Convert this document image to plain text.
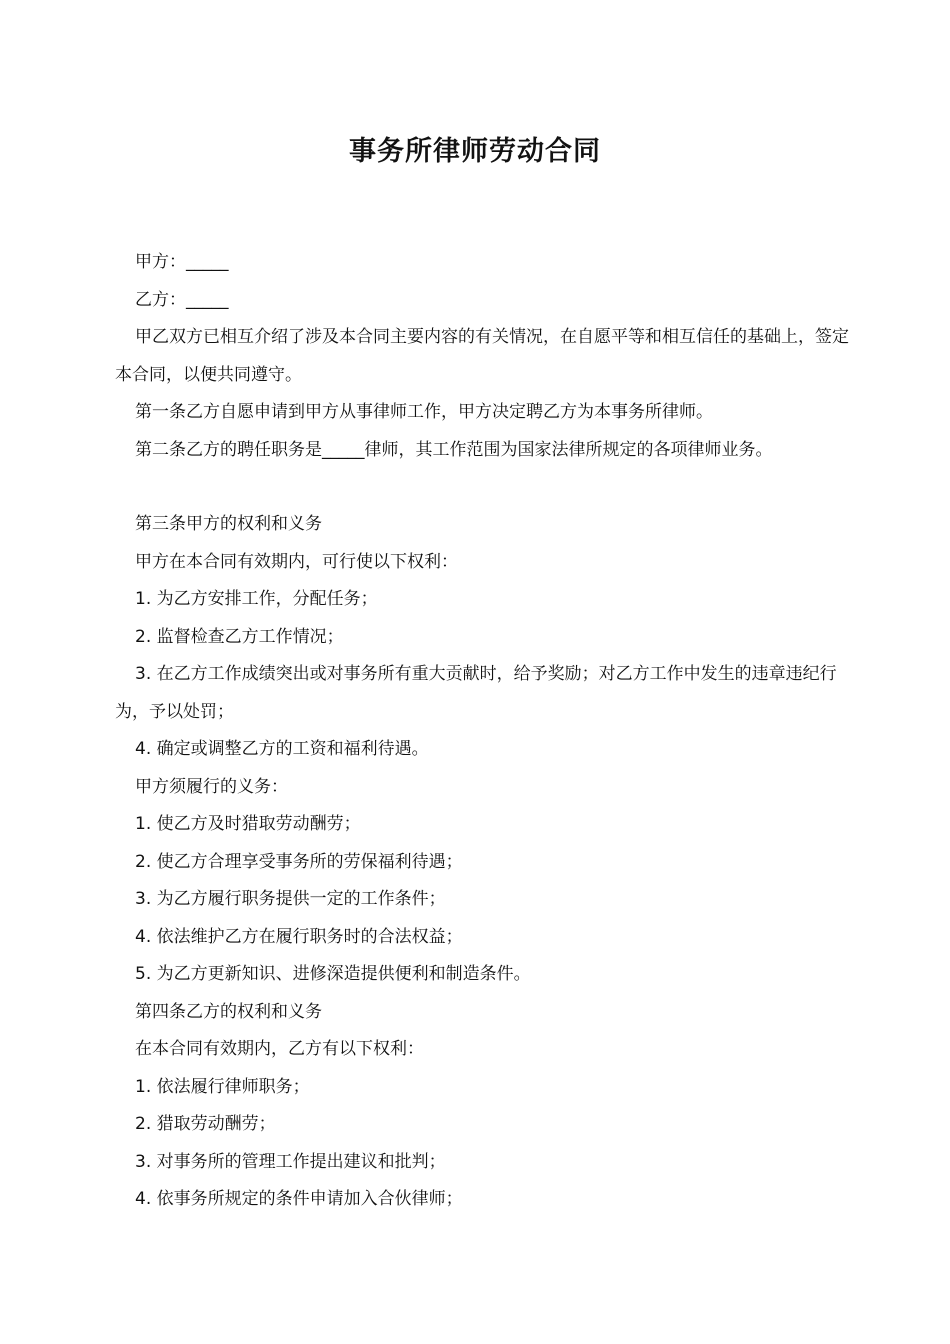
事务所律师劳动合同

甲方：_____

乙方：_____

甲乙双方已相互介绍了涉及本合同主要内容的有关情况，在自愿平等和相互信任的基础上，签定本合同，以便共同遵守。

第一条乙方自愿申请到甲方从事律师工作，甲方决定聘乙方为本事务所律师。

第二条乙方的聘任职务是_____律师，其工作范围为国家法律所规定的各项律师业务。

第三条甲方的权利和义务

甲方在本合同有效期内，可行使以下权利：

1. 为乙方安排工作，分配任务；

2. 监督检查乙方工作情况；

3. 在乙方工作成绩突出或对事务所有重大贡献时，给予奖励；对乙方工作中发生的违章违纪行为，予以处罚；

4. 确定或调整乙方的工资和福利待遇。

甲方须履行的义务：

1. 使乙方及时猎取劳动酬劳；

2. 使乙方合理享受事务所的劳保福利待遇；

3. 为乙方履行职务提供一定的工作条件；

4. 依法维护乙方在履行职务时的合法权益；

5. 为乙方更新知识、进修深造提供便利和制造条件。

第四条乙方的权利和义务

在本合同有效期内，乙方有以下权利：

1. 依法履行律师职务；

2. 猎取劳动酬劳；

3. 对事务所的管理工作提出建议和批判；

4. 依事务所规定的条件申请加入合伙律师；
